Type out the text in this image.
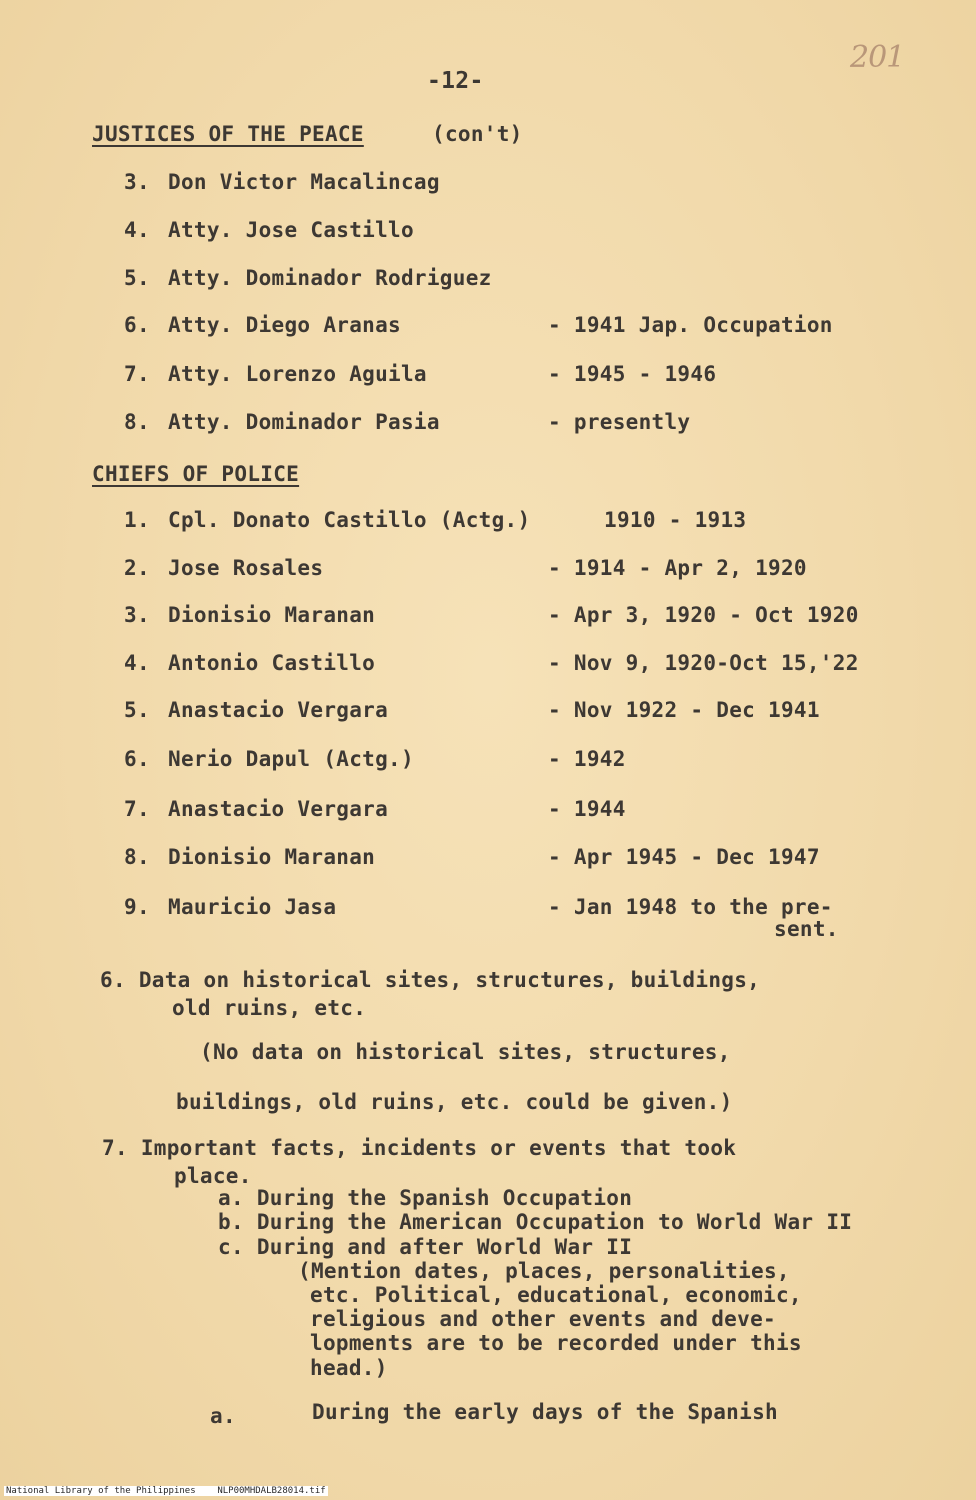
201
-12-
JUSTICES OF THE PEACE	(con't)
3. Don Victor Macalincag
4. Atty. Jose Castillo
5. Atty. Dominador Rodriguez
6. Atty. Diego Aranas	- 1941 Jap. Occupation
7. Atty. Lorenzo Aguila	- 1945 - 1946
8. Atty. Dominador Pasia	- presently
CHIEFS OF POLICE
1. Cpl. Donato Castillo (Actg.)	1910 - 1913
2. Jose Rosales	- 1914 - Apr 2, 1920
3. Dionisio Maranan	- Apr 3, 1920 - Oct 1920
4. Antonio Castillo	- Nov 9, 1920-Oct 15,'22
5. Anastacio Vergara	- Nov 1922 - Dec 1941
6. Nerio Dapul (Actg.)	- 1942
7. Anastacio Vergara	- 1944
8. Dionisio Maranan	- Apr 1945 - Dec 1947
9. Mauricio Jasa	- Jan 1948 to the pre-
sent.
6. Data on historical sites, structures, buildings,
old ruins, etc.
(No data on historical sites, structures,
buildings, old ruins, etc. could be given.)
7. Important facts, incidents or events that took
place.
a. During the Spanish Occupation
b. During the American Occupation to World War II
c. During and after World War II
(Mention dates, places, personalities,
etc. Political, educational, economic,
religious and other events and deve-
lopments are to be recorded under this
head.)
a.	During the early days of the Spanish
National Library of the Philippines    NLP00MHDALB28014.tif
